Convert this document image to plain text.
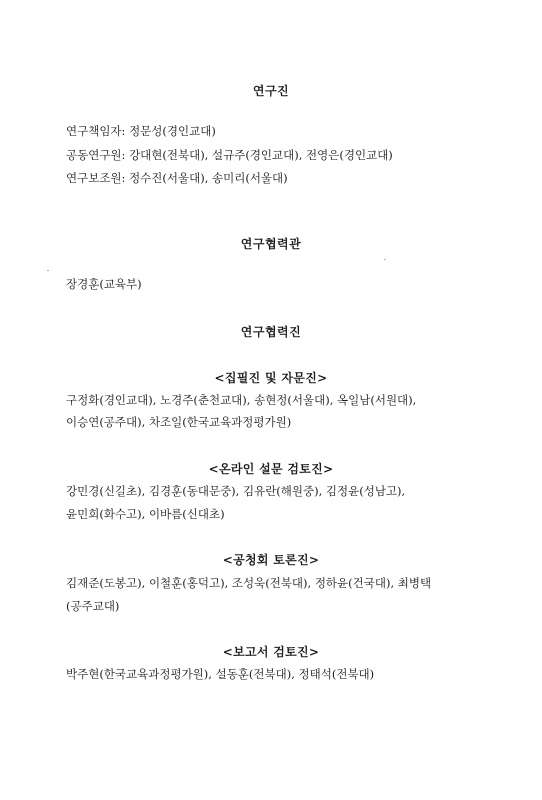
연구진
연구책임자: 정문성(경인교대)
공동연구원: 강대현(전북대), 설규주(경인교대), 전영은(경인교대)
연구보조원: 정수진(서울대), 송미리(서울대)
연구협력관
장경훈(교육부)
연구협력진
<집필진 및 자문진>
구정화(경인교대), 노경주(춘천교대), 송현정(서울대), 옥일남(서원대),
이승연(공주대), 차조일(한국교육과정평가원)
<온라인 설문 검토진>
강민경(신길초), 김경훈(동대문중), 김유란(해원중), 김정윤(성남고),
윤민희(화수고), 이바름(신대초)
<공청회 토론진>
김재준(도봉고), 이철훈(홍덕고), 조성욱(전북대), 정하윤(건국대), 최병택
(공주교대)
<보고서 검토진>
박주현(한국교육과정평가원), 설동훈(전북대), 정태석(전북대)
